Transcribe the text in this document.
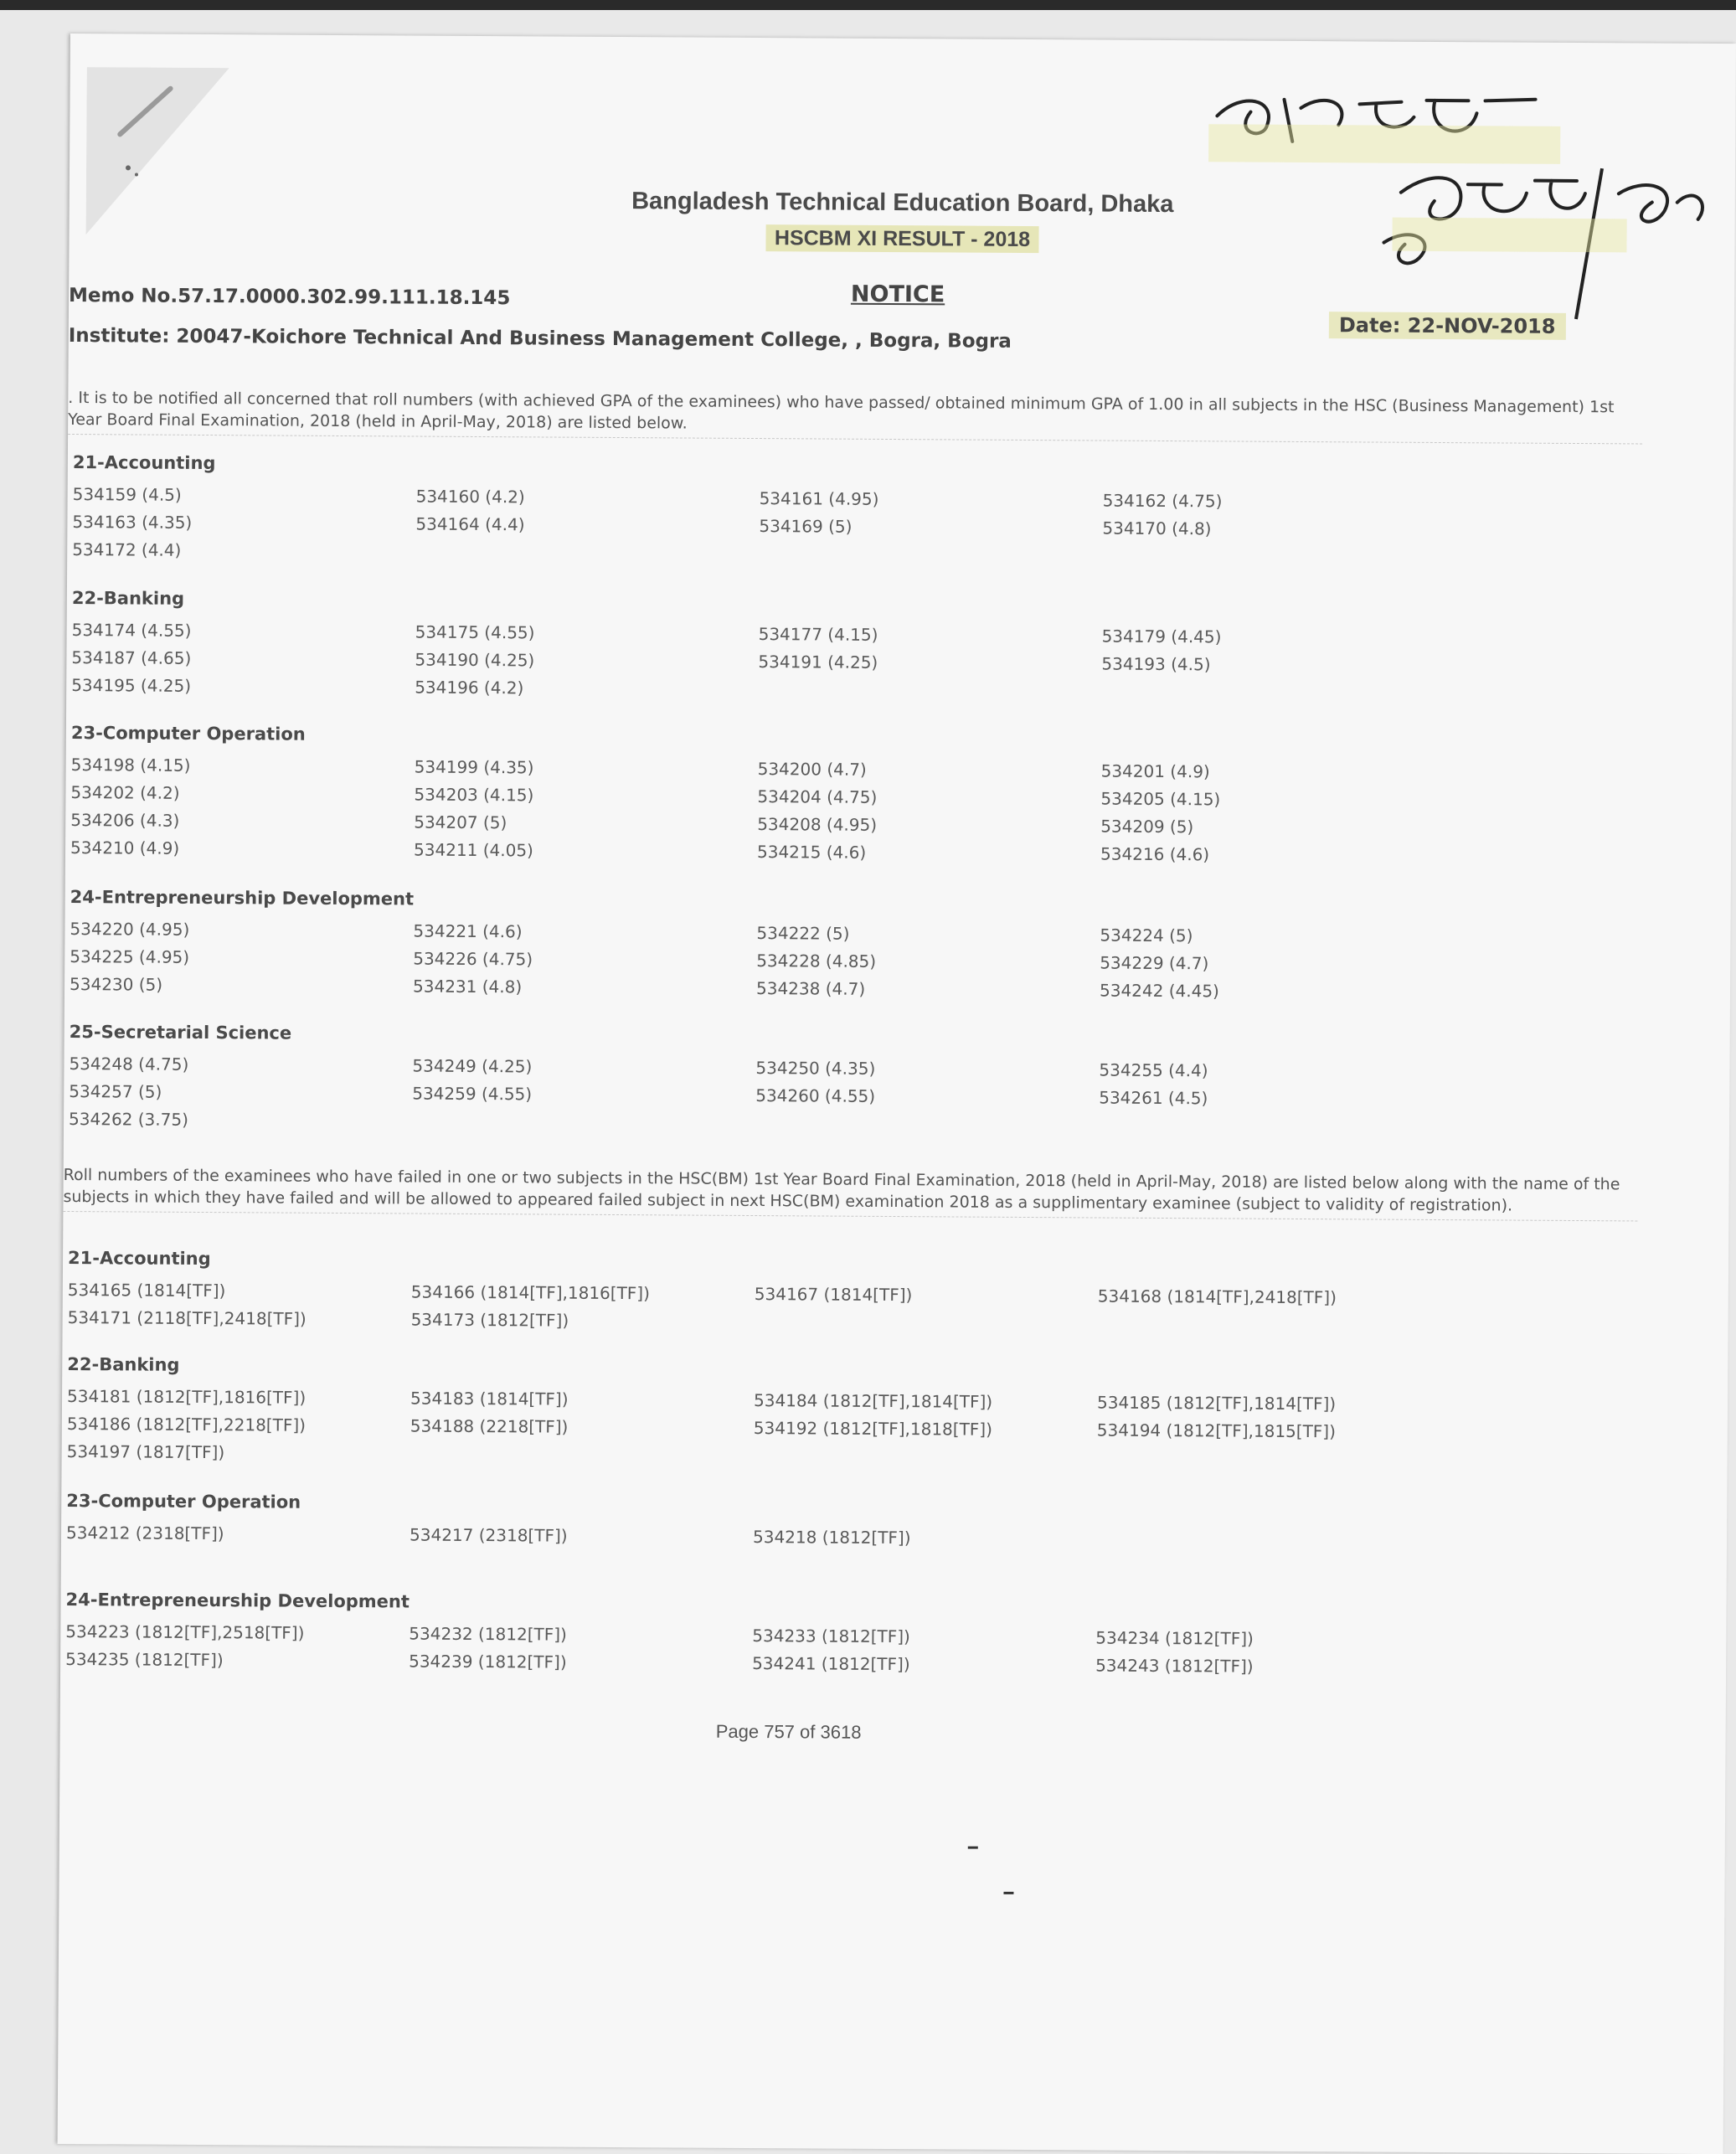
Bangladesh Technical Education Board, Dhaka
HSCBM XI RESULT - 2018
NOTICE
Memo No.57.17.0000.302.99.111.18.145
Date: 22-NOV-2018
Institute: 20047-Koichore Technical And Business Management College, , Bogra, Bogra
. It is to be notified all concerned that roll numbers (with achieved GPA of the examinees) who have passed/ obtained minimum GPA of 1.00 in all subjects in the HSC (Business Management) 1st Year Board Final Examination, 2018 (held in April-May, 2018) are listed below.
21-Accounting
534159 (4.5)	534160 (4.2)	534161 (4.95)	534162 (4.75)
534163 (4.35)	534164 (4.4)	534169 (5)	534170 (4.8)
534172 (4.4)
22-Banking
534174 (4.55)	534175 (4.55)	534177 (4.15)	534179 (4.45)
534187 (4.65)	534190 (4.25)	534191 (4.25)	534193 (4.5)
534195 (4.25)	534196 (4.2)
23-Computer Operation
534198 (4.15)	534199 (4.35)	534200 (4.7)	534201 (4.9)
534202 (4.2)	534203 (4.15)	534204 (4.75)	534205 (4.15)
534206 (4.3)	534207 (5)	534208 (4.95)	534209 (5)
534210 (4.9)	534211 (4.05)	534215 (4.6)	534216 (4.6)
24-Entrepreneurship Development
534220 (4.95)	534221 (4.6)	534222 (5)	534224 (5)
534225 (4.95)	534226 (4.75)	534228 (4.85)	534229 (4.7)
534230 (5)	534231 (4.8)	534238 (4.7)	534242 (4.45)
25-Secretarial Science
534248 (4.75)	534249 (4.25)	534250 (4.35)	534255 (4.4)
534257 (5)	534259 (4.55)	534260 (4.55)	534261 (4.5)
534262 (3.75)
Roll numbers of the examinees who have failed in one or two subjects in the HSC(BM) 1st Year Board Final Examination, 2018 (held in April-May, 2018) are listed below along with the name of the subjects in which they have failed and will be allowed to appeared failed subject in next HSC(BM) examination 2018 as a supplimentary examinee (subject to validity of registration).
21-Accounting
534165 (1814[TF])	534166 (1814[TF],1816[TF])	534167 (1814[TF])	534168 (1814[TF],2418[TF])
534171 (2118[TF],2418[TF])	534173 (1812[TF])
22-Banking
534181 (1812[TF],1816[TF])	534183 (1814[TF])	534184 (1812[TF],1814[TF])	534185 (1812[TF],1814[TF])
534186 (1812[TF],2218[TF])	534188 (2218[TF])	534192 (1812[TF],1818[TF])	534194 (1812[TF],1815[TF])
534197 (1817[TF])
23-Computer Operation
534212 (2318[TF])	534217 (2318[TF])	534218 (1812[TF])
24-Entrepreneurship Development
534223 (1812[TF],2518[TF])	534232 (1812[TF])	534233 (1812[TF])	534234 (1812[TF])
534235 (1812[TF])	534239 (1812[TF])	534241 (1812[TF])	534243 (1812[TF])
Page 757 of 3618
